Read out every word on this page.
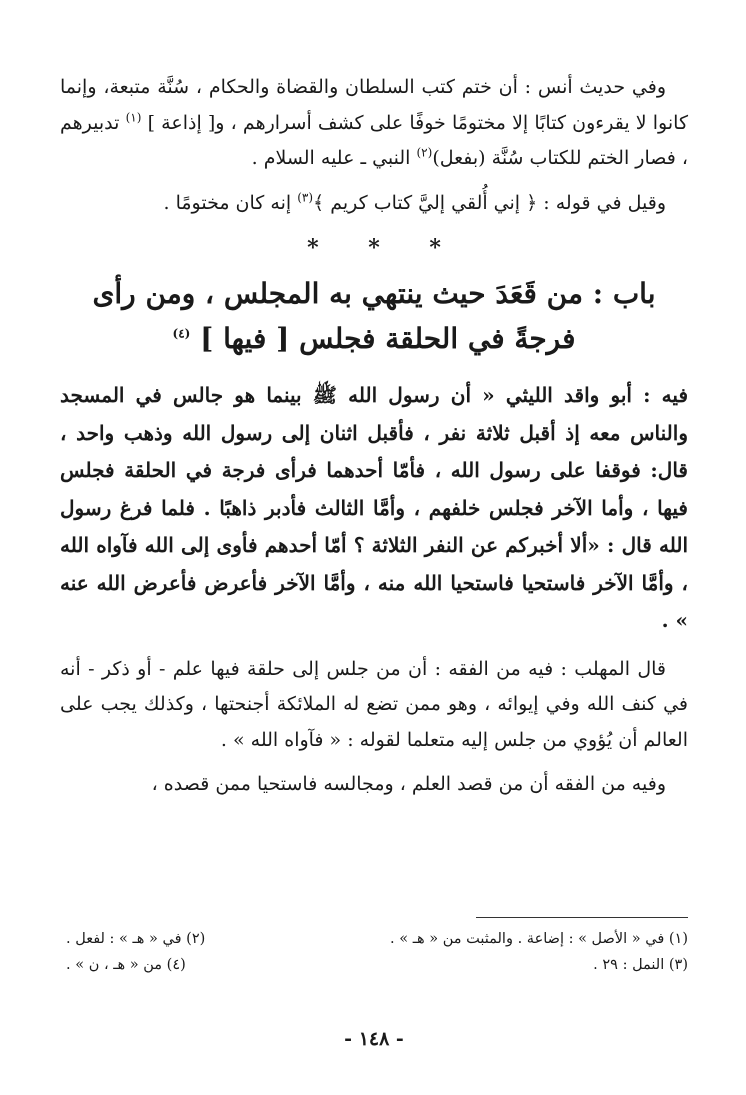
وفي حديث أنس : أن ختم كتب السلطان والقضاة والحكام ، سُنَّة متبعة، وإنما كانوا لا يقرءون كتابًا إلا مختومًا خوفًا على كشف أسرارهم ، و[ إذاعة ] $^{(١)}$ تدبيرهم ، فصار الختم للكتاب سُنَّة (بفعل)$^{(٢)}$ النبي ـ عليه السلام .

وقيل في قوله : ﴿ إني أُلقي إليَّ كتاب كريم ﴾$^{(٣)}$ إنه كان مختومًا .

* * *
باب : من قَعَدَ حيث ينتهي به المجلس ، ومن رأى
فرجةً في الحلقة فجلس [ فيها ] $^{(٤)}$

فيه : أبو واقد الليثي « أن رسول الله ﷺ بينما هو جالس في المسجد والناس معه إذ أقبل ثلاثة نفر ، فأقبل اثنان إلى رسول الله وذهب واحد ، قال: فوقفا على رسول الله ، فأمّا أحدهما فرأى فرجة في الحلقة فجلس فيها ، وأما الآخر فجلس خلفهم ، وأمَّا الثالث فأدبر ذاهبًا . فلما فرغ رسول الله قال : «ألا أخبركم عن النفر الثلاثة ؟ أمّا أحدهم فأوى إلى الله فآواه الله ، وأمَّا الآخر فاستحيا فاستحيا الله منه ، وأمَّا الآخر فأعرض فأعرض الله عنه » .

قال المهلب : فيه من الفقه : أن من جلس إلى حلقة فيها علم - أو ذكر - أنه في كنف الله وفي إيوائه ، وهو ممن تضع له الملائكة أجنحتها ، وكذلك يجب على العالم أن يُؤوي من جلس إليه متعلما لقوله : « فآواه الله » .

وفيه من الفقه أن من قصد العلم ، ومجالسه فاستحيا ممن قصده ،

(١) في « الأصل » : إضاعة . والمثبت من « هـ » .
(٢) في « هـ » : لفعل .
(٣) النمل : ٢٩ .
(٤) من « هـ ، ن » .
- ١٤٨ -
